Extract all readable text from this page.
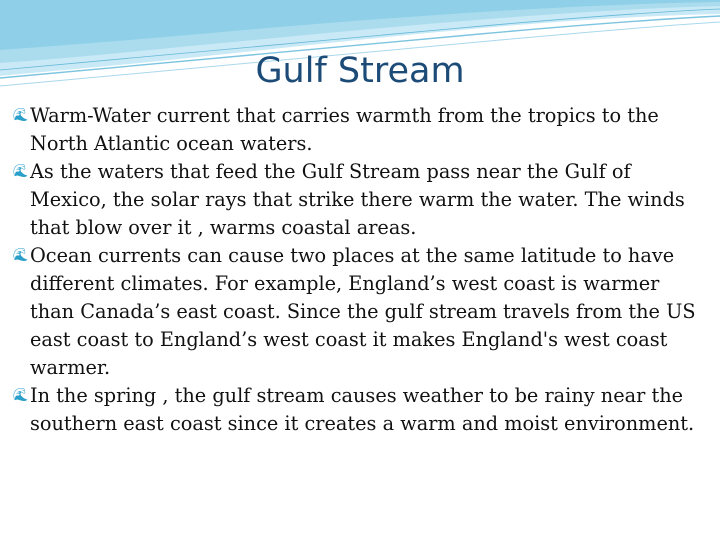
Gulf Stream
🌊︎ Warm-Water current that carries warmth from the tropics to the North Atlantic ocean waters.
🌊︎ As the waters that feed the Gulf Stream pass near the Gulf of Mexico, the solar rays that strike there warm the water. The winds that blow over it , warms coastal areas.
🌊︎ Ocean currents can cause two places at the same latitude to have different climates. For example, England’s west coast is warmer than Canada’s east coast. Since the gulf stream travels from the US east coast to England’s west coast it makes England's west coast warmer.
🌊︎ In the spring , the gulf stream causes weather to be rainy near the southern east coast since it creates a warm and moist environment.
